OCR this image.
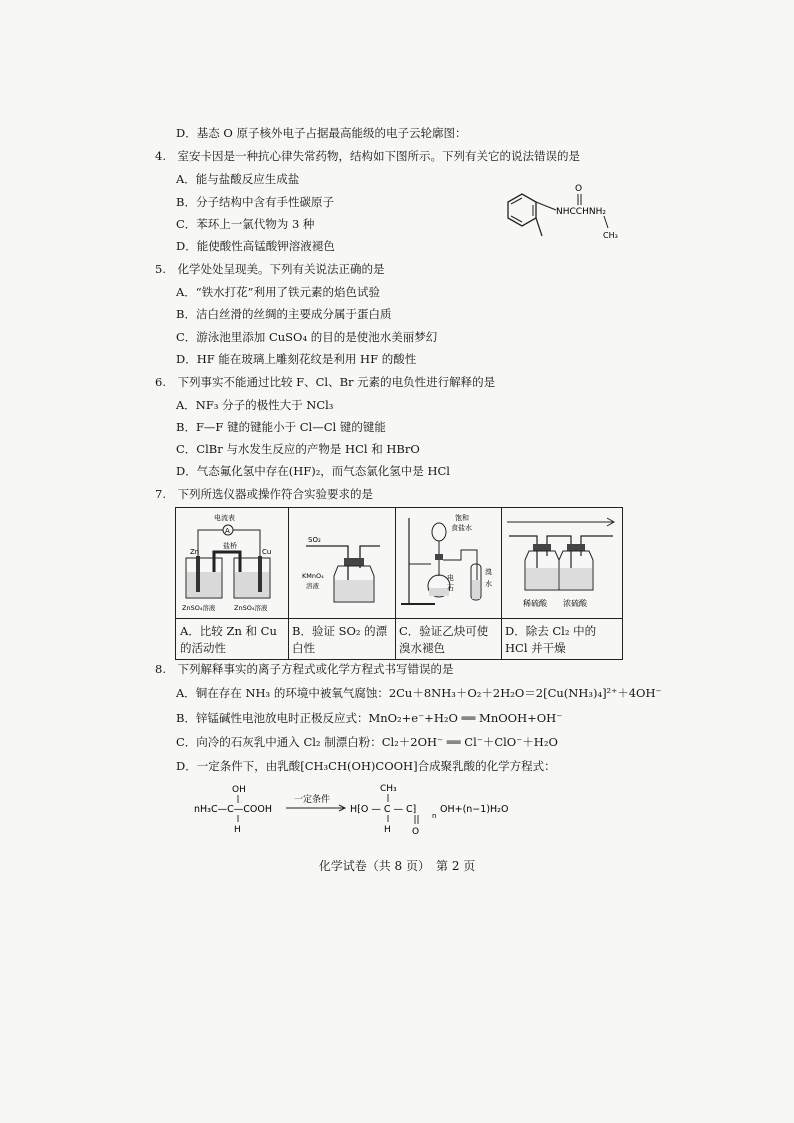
D．基态 O 原子核外电子占据最高能级的电子云轮廓图：
4.　室安卡因是一种抗心律失常药物，结构如下图所示。下列有关它的说法错误的是
A．能与盐酸反应生成盐
B．分子结构中含有手性碳原子
C．苯环上一氯代物为 3 种
D．能使酸性高锰酸钾溶液褪色
O
NHCCHNH₂
CH₃
5.　化学处处呈现美。下列有关说法正确的是
A．“铁水打花”利用了铁元素的焰色试验
B．洁白丝滑的丝绸的主要成分属于蛋白质
C．游泳池里添加 CuSO₄ 的目的是使池水美丽梦幻
D．HF 能在玻璃上雕刻花纹是利用 HF 的酸性
6.　下列事实不能通过比较 F、Cl、Br 元素的电负性进行解释的是
A．NF₃ 分子的极性大于 NCl₃
B．F—F 键的键能小于 Cl—Cl 键的键能
C．ClBr 与水发生反应的产物是 HCl 和 HBrO
D．气态氟化氢中存在(HF)₂，而气态氯化氢中是 HCl
7.　下列所选仪器或操作符合实验要求的是
电流表
A
Zn	Cu
盐桥
ZnSO₄溶液	ZnSO₄溶液
A．比较 Zn 和 Cu 的活动性
SO₂
KMnO₄
溶液
B．验证 SO₂ 的漂白性
饱和
食盐水
电
石
溴
水
C．验证乙炔可使溴水褪色
稀硫酸 浓硫酸
D．除去 Cl₂ 中的 HCl 并干燥
8.　下列解释事实的离子方程式或化学方程式书写错误的是
A．铜在存在 NH₃ 的环境中被氧气腐蚀：2Cu＋8NH₃＋O₂＋2H₂O＝2[Cu(NH₃)₄]²⁺＋4OH⁻
B．锌锰碱性电池放电时正极反应式：MnO₂+e⁻+H₂O ══ MnOOH+OH⁻
C．向冷的石灰乳中通入 Cl₂ 制漂白粉：Cl₂＋2OH⁻ ══ Cl⁻＋ClO⁻＋H₂O
D．一定条件下，由乳酸[CH₃CH(OH)COOH]合成聚乳酸的化学方程式：
OH
nH₃C—C—COOH
H
一定条件
CH₃
H⁅O — C — C⁆
n
OH+(n−1)H₂O
H O
化学试卷（共 8 页）　第 2 页
